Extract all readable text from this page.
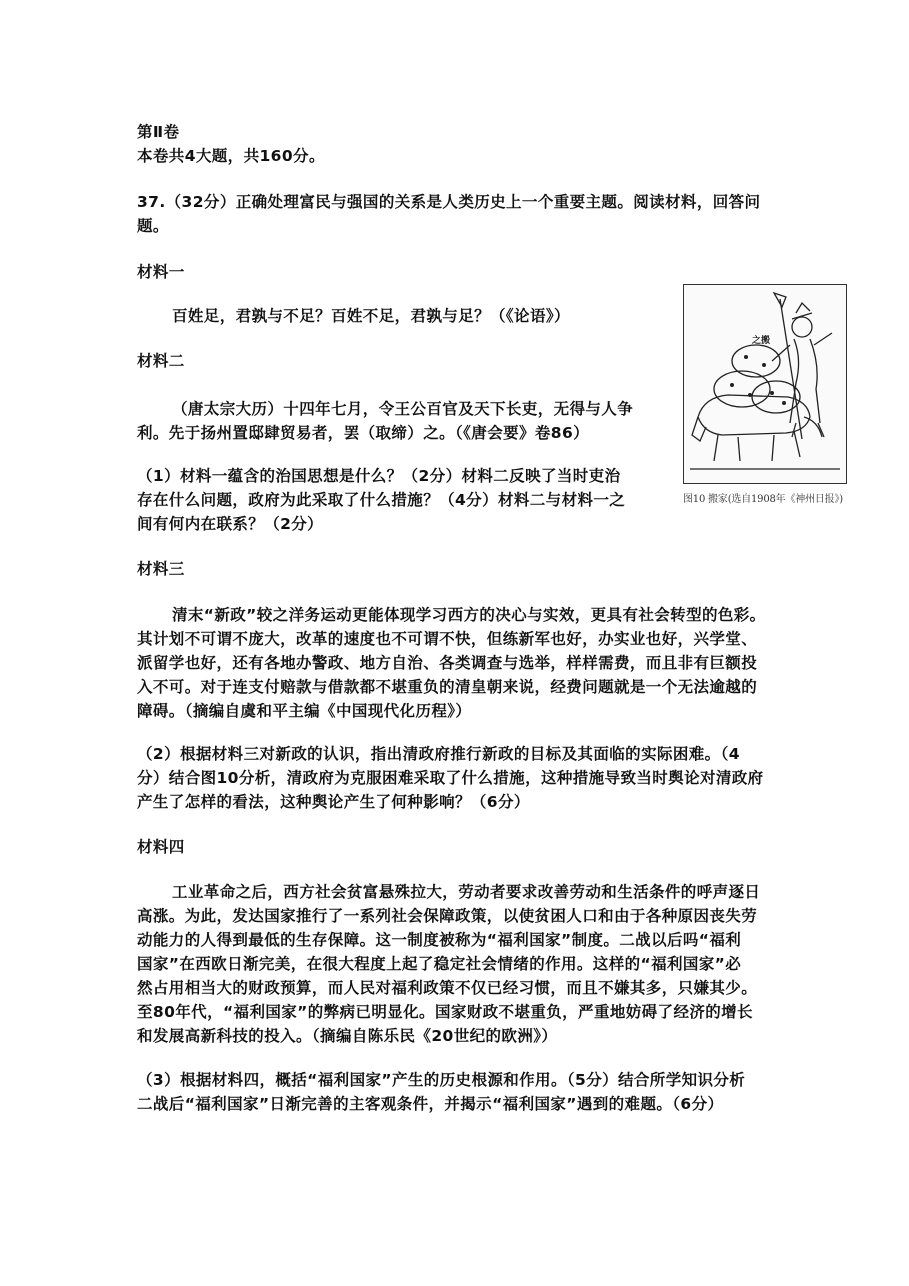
第Ⅱ卷
本卷共4大题，共160分。
37.（32分）正确处理富民与强国的关系是人类历史上一个重要主题。阅读材料，回答问
题。
材料一
百姓足，君孰与不足？百姓不足，君孰与足？（《论语》）
材料二
（唐太宗大历）十四年七月，令王公百官及天下长吏，无得与人争
利。先于扬州置邸肆贸易者，罢（取缔）之。（《唐会要》卷86）
（1）材料一蕴含的治国思想是什么？（2分）材料二反映了当时吏治
存在什么问题，政府为此采取了什么措施？（4分）材料二与材料一之
间有何内在联系？（2分）
之搬
图10 搬家(选自1908年《神州日报》)
材料三
清末“新政”较之洋务运动更能体现学习西方的决心与实效，更具有社会转型的色彩。
其计划不可谓不庞大，改革的速度也不可谓不快，但练新军也好，办实业也好，兴学堂、
派留学也好，还有各地办警政、地方自治、各类调查与选举，样样需费，而且非有巨额投
入不可。对于连支付赔款与借款都不堪重负的清皇朝来说，经费问题就是一个无法逾越的
障碍。（摘编自虞和平主编《中国现代化历程》）
（2）根据材料三对新政的认识，指出清政府推行新政的目标及其面临的实际困难。（4
分）结合图10分析，清政府为克服困难采取了什么措施，这种措施导致当时舆论对清政府
产生了怎样的看法，这种舆论产生了何种影响？（6分）
材料四
工业革命之后，西方社会贫富悬殊拉大，劳动者要求改善劳动和生活条件的呼声逐日
高涨。为此，发达国家推行了一系列社会保障政策，以使贫困人口和由于各种原因丧失劳
动能力的人得到最低的生存保障。这一制度被称为“福利国家”制度。二战以后吗“福利
国家”在西欧日渐完美，在很大程度上起了稳定社会情绪的作用。这样的“福利国家”必
然占用相当大的财政预算，而人民对福利政策不仅已经习惯，而且不嫌其多，只嫌其少。
至80年代，“福利国家”的弊病已明显化。国家财政不堪重负，严重地妨碍了经济的增长
和发展高新科技的投入。（摘编自陈乐民《20世纪的欧洲》）
（3）根据材料四，概括“福利国家”产生的历史根源和作用。（5分）结合所学知识分析
二战后“福利国家”日渐完善的主客观条件，并揭示“福利国家”遇到的难题。（6分）
